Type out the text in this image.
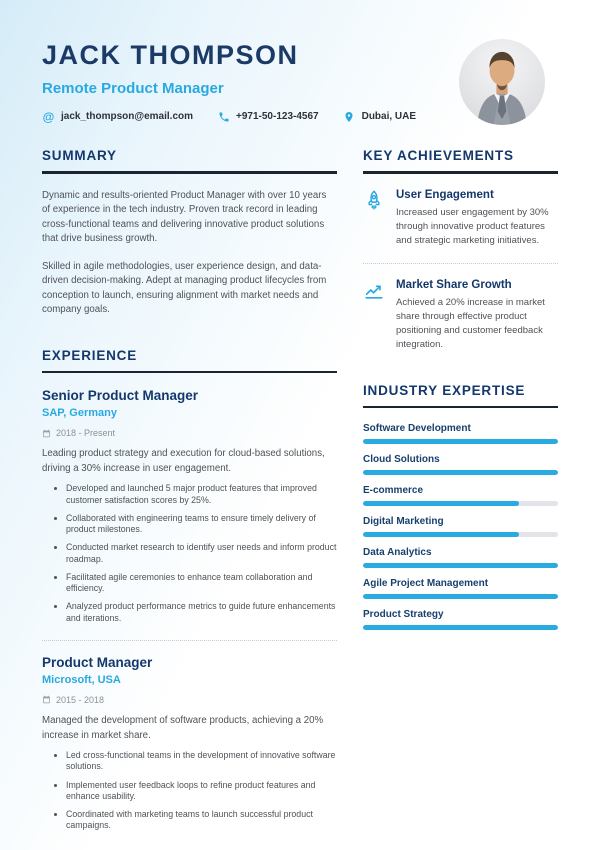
JACK THOMPSON
Remote Product Manager
@ jack_thompson@email.com	+971-50-123-4567	Dubai, UAE
SUMMARY

Dynamic and results-oriented Product Manager with over 10 years of experience in the tech industry. Proven track record in leading cross-functional teams and delivering innovative product solutions that drive business growth.

Skilled in agile methodologies, user experience design, and data-driven decision-making. Adept at managing product lifecycles from conception to launch, ensuring alignment with market needs and company goals.

EXPERIENCE
Senior Product Manager
SAP, Germany
2018 - Present
Leading product strategy and execution for cloud-based solutions, driving a 30% increase in user engagement.
• Developed and launched 5 major product features that improved customer satisfaction scores by 25%.
• Collaborated with engineering teams to ensure timely delivery of product milestones.
• Conducted market research to identify user needs and inform product roadmap.
• Facilitated agile ceremonies to enhance team collaboration and efficiency.
• Analyzed product performance metrics to guide future enhancements and iterations.
Product Manager
Microsoft, USA
2015 - 2018
Managed the development of software products, achieving a 20% increase in market share.
• Led cross-functional teams in the development of innovative software solutions.
• Implemented user feedback loops to refine product features and enhance usability.
• Coordinated with marketing teams to launch successful product campaigns.
KEY ACHIEVEMENTS
User Engagement
Increased user engagement by 30% through innovative product features and strategic marketing initiatives.
Market Share Growth
Achieved a 20% increase in market share through effective product positioning and customer feedback integration.
INDUSTRY EXPERTISE
Software Development
Cloud Solutions
E-commerce
Digital Marketing
Data Analytics
Agile Project Management
Product Strategy
